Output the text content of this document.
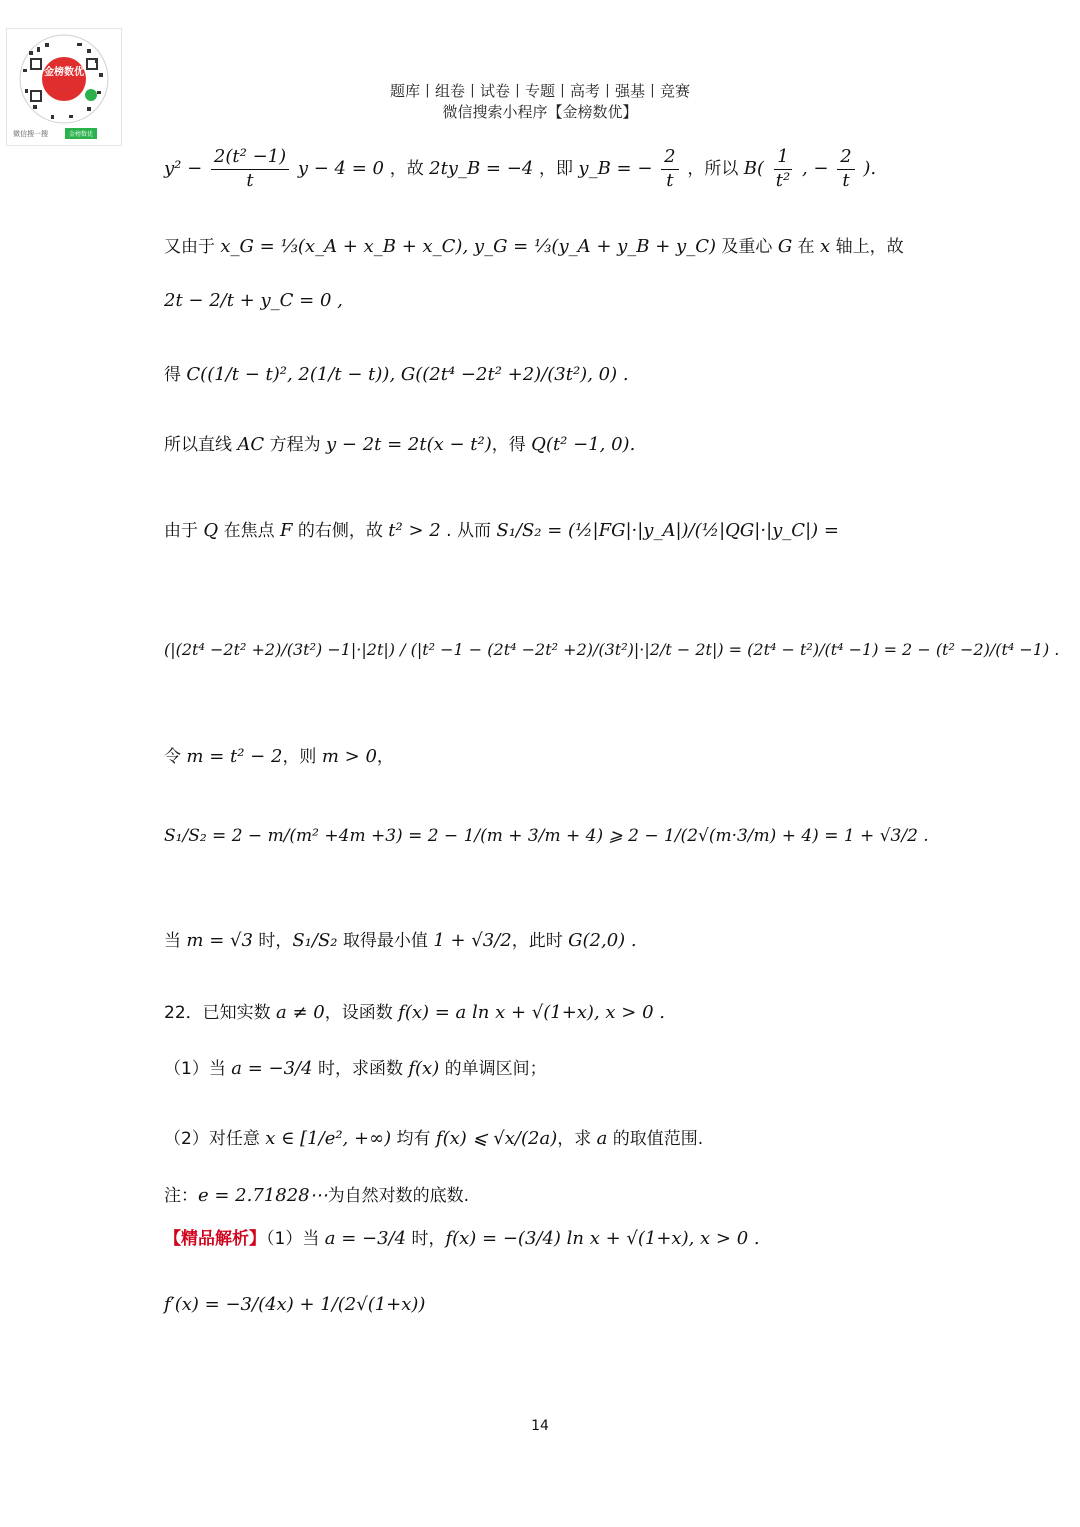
金榜数优
微信搜一搜	金榜数优
题库丨组卷丨试卷丨专题丨高考丨强基丨竞赛
微信搜索小程序【金榜数优】
$y^2 - \frac{\text{2(t² −1)}}{t}$ y − 4 = 0 ，故 2ty_B = −4 ，即 y_B = − $\frac{2}{t}$ ，所以 $B( \frac{1}{\text{t²}}$ , − $\frac{2}{t}$ ).
又由于 x_G = ⅓(x_A + x_B + x_C), y_G = ⅓(y_A + y_B + y_C) 及重心 G 在 x 轴上，故
2t − 2/t + y_C = 0 ,
得 C((1/t − t)², 2(1/t − t)), G((2t⁴ −2t² +2)/(3t²), 0) .
所以直线 AC 方程为 y − 2t = 2t(x − t²)，得 Q(t² −1, 0).
由于 Q 在焦点 F 的右侧，故 t² > 2 . 从而 S₁/S₂ = (½|FG|·|y_A|)/(½|QG|·|y_C|) =
(|(2t⁴ −2t² +2)/(3t²) −1|·|2t|) / (|t² −1 − (2t⁴ −2t² +2)/(3t²)|·|2/t − 2t|) = (2t⁴ − t²)/(t⁴ −1) = 2 − (t² −2)/(t⁴ −1) .
令 m = t² − 2，则 m > 0，
S₁/S₂ = 2 − m/(m² +4m +3) = 2 − 1/(m + 3/m + 4) ⩾ 2 − 1/(2√(m·3/m) + 4) = 1 + √3/2 .
当 m = √3 时，S₁/S₂ 取得最小值 1 + √3/2，此时 G(2,0) .
22．已知实数 a ≠ 0，设函数 f(x) = a ln x + √(1+x), x > 0 .
（1）当 a = −3/4 时，求函数 f(x) 的单调区间；
（2）对任意 x ∈ [1/e², +∞) 均有 f(x) ⩽ √x/(2a)，求 a 的取值范围.
注：e = 2.71828⋯为自然对数的底数.
【精品解析】（1）当 a = −3/4 时，f(x) = −(3/4) ln x + √(1+x), x > 0 .
f′(x) = −3/(4x) + 1/(2√(1+x))
14
